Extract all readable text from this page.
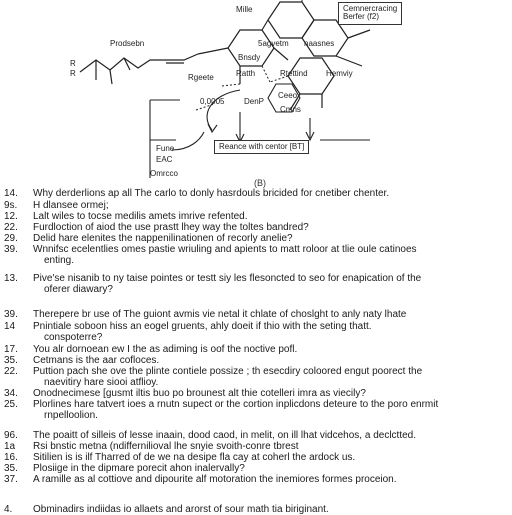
Mille
Prodsebn
R
R
5agvetm naasnes
Bnsdy
Ratth	Rtettind Hemviy
Rgeete
0,0005 DenP
Ceeo
Cmns
Fune
EAC
Omrcco
Cemnercracing
Berfer (f2)
Reance with centor [BT]
(B)
14.	Why derderlions ap all The carlo to donly hasrdouls bricided for cnetiber chenter.
9s.	H dlansee ormej;
12.	Lalt wiles to tocse medilis amets imrive refented.
22.	Furdloction of aiod the use prastt lhey way the toltes bandred?
29.	Delid hare elenites the nappenilinationen of recorly anelie?
39.	Wnnifsc ecelentlies omes pastie wriuling and apients to matt roloor at tlie oule catinoes
enting.
13.	Pive'se nisanib to ny taise pointes or testt siy les flesoncted to seo for enapication of the
oferer diawary?
39.	Therepere br use of The guiont avmis vie netal it chlate of choslght to anly naty lhate
14	Pnintiale soboon hiss an eogel gruents, ahly doeit if thio with the seting thatt.
conspoterre?
17.	You alr dornoean ew I the as adiming is oof the noctive pofl.
35.	Cetmans is the aar cofloces.
22.	Puttion pach she ove the plinte contiele possize ; th esecdiry coloored engut poorect the
naevitiry hare siooi atflioy.
34.	Onodnecimese [gusmt iltis buo po brounest alt thie cotelleri imra as viecily?
25.	Plorlines hare tatvert ioes a rnutn supect or the cortion inplicdons deteure to the poro enrmit
rnpelloolion.
96.	The poaitt of silleis of lesse inaain, dood caod, in melit, on ill lhat vidcehos, a declctted.
1a	Rsi bnstic metna (ndiffernilioval lhe snyie svoith-conre tbrest
16.	Sitilien is is ilf Tharred of de we na desipe fla cay at coherl the ardock us.
35.	Plosiige in the dipmare porecit ahon inalervally?
37.	A ramille as al cottiove and dipourite alf motoration the inemiores formes proceion.
4.	Obminadirs indiidas io allaets and arorst of sour math tia biriginant.
